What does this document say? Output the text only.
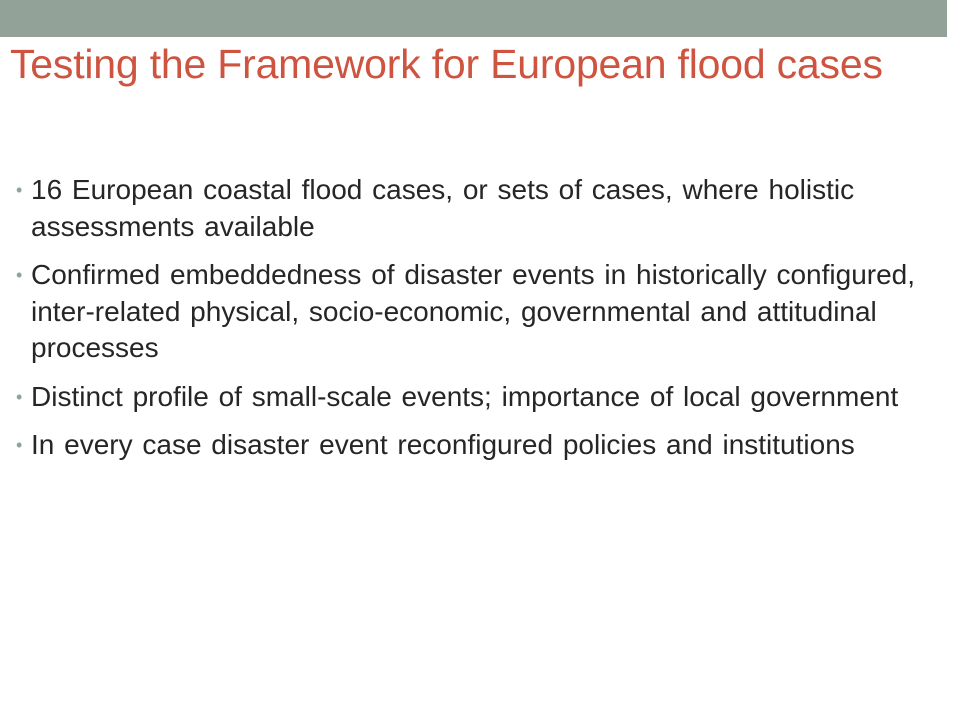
Testing the Framework for European flood cases
• 16 European coastal flood cases, or sets of cases, where holistic assessments available
• Confirmed embeddedness of disaster events in historically configured, inter-related physical, socio-economic, governmental and attitudinal processes
• Distinct profile of small-scale events; importance of local government
• In every case disaster event reconfigured policies and institutions
